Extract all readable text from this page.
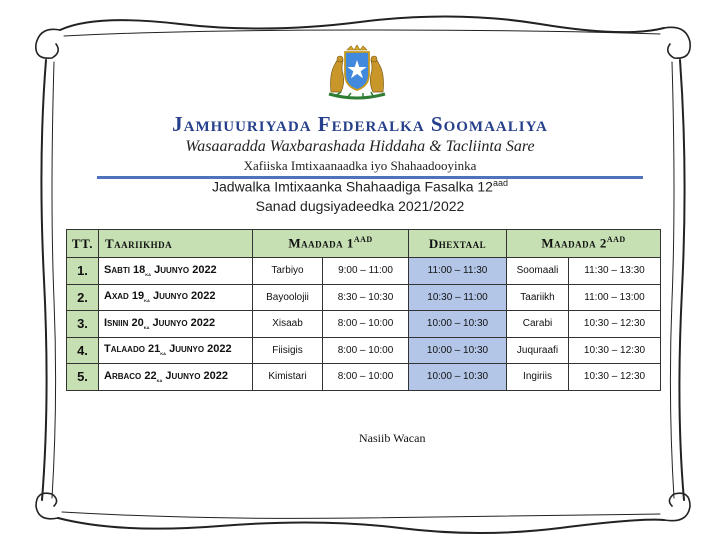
Jamhuuriyada Federalka Soomaaliya
Wasaaradda Waxbarashada Hiddaha & Tacliinta Sare
Xafiiska Imtixaanaadka iyo Shahaadooyinka
Jadwalka Imtixaanka Shahaadiga Fasalka $12^{aad}$
Sanad dugsiyadeedka 2021/2022
TT.	Taariikhda	Maadada $1^{AAD}$		Dhextaal	Maadada $2^{AAD}$
1.	Sabti $18_{ka}$ Juunyo 2022	Tarbiyo	9:00 – 11:00	11:00 – 11:30	Soomaali	11:30 – 13:30
2.	Axad $19_{ka}$ Juunyo 2022	Bayoolojii	8:30 – 10:30	10:30 – 11:00	Taariikh	11:00 – 13:00
3.	Isniin $20_{ka}$ Juunyo 2022	Xisaab	8:00 – 10:00	10:00 – 10:30	Carabi	10:30 – 12:30
4.	Talaado $21_{ka}$ Juunyo 2022	Fiisigis	8:00 – 10:00	10:00 – 10:30	Juquraafi	10:30 – 12:30
5.	Arbaco $22_{ka}$ Juunyo 2022	Kimistari	8:00 – 10:00	10:00 – 10:30	Ingiriis	10:30 – 12:30
Nasiib Wacan
